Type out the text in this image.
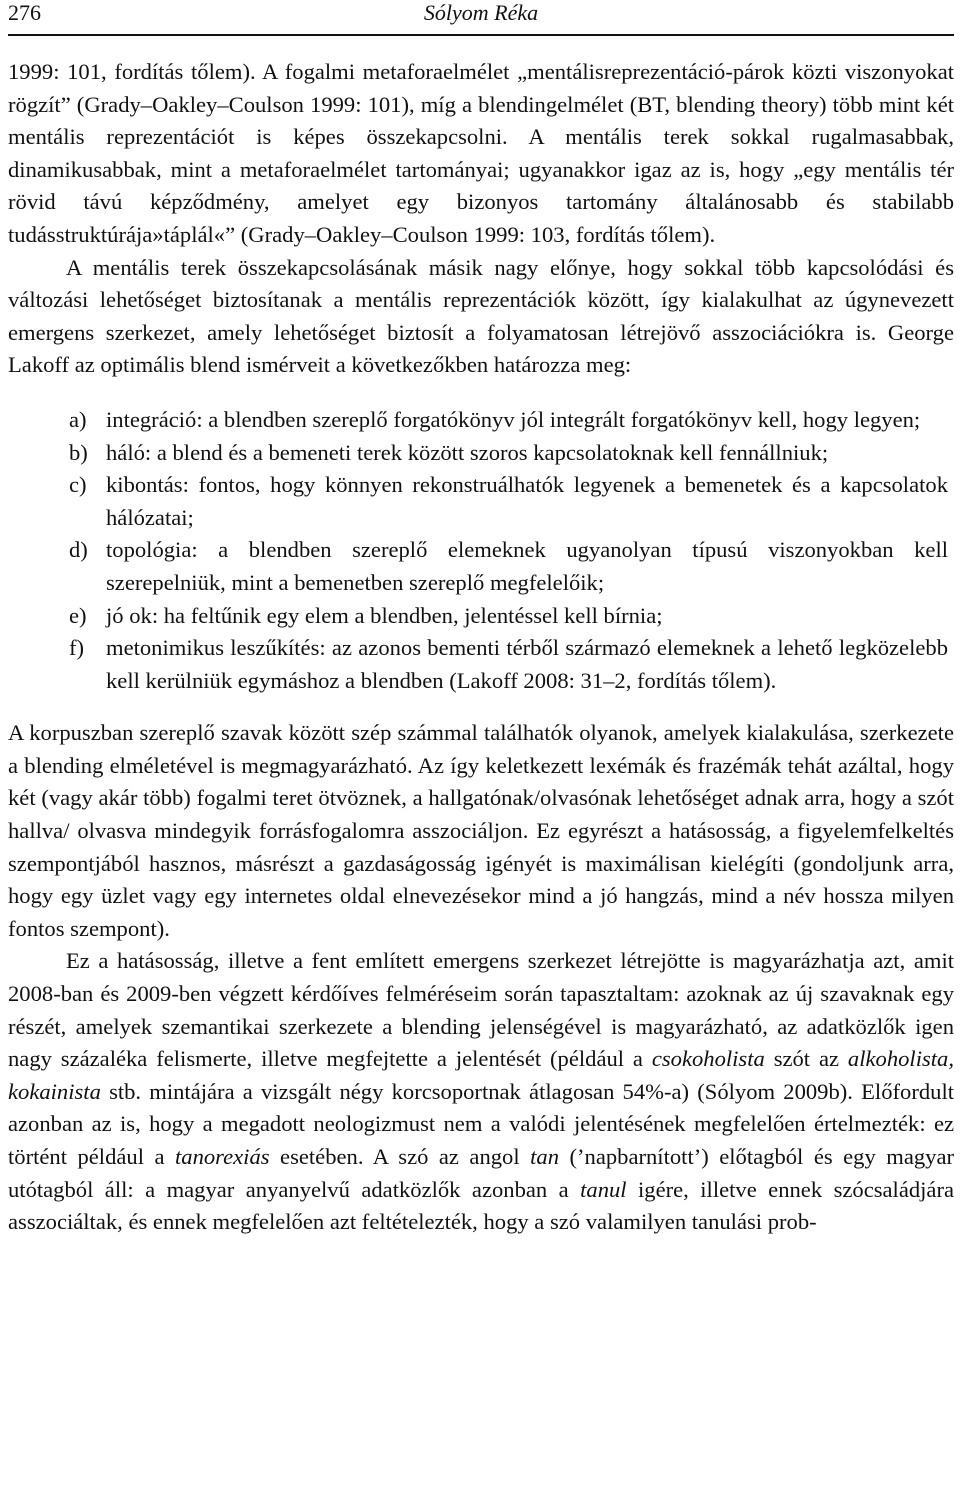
276	Sólyom Réka

1999: 101, fordítás tőlem). A fogalmi metaforaelmélet „mentálisreprezentáció-párok közti viszonyokat rögzít” (Grady–Oakley–Coulson 1999: 101), míg a blendingelmélet (BT, blending theory) több mint két mentális reprezentációt is képes összekapcsolni. A mentális terek sokkal rugalmasabbak, dinamikusabbak, mint a metaforaelmélet tartományai; ugyanakkor igaz az is, hogy „egy mentális tér rövid távú képződmény, amelyet egy bizonyos tartomány általánosabb és stabilabb tudásstruktúrája»táplál«” (Grady–Oakley–Coulson 1999: 103, fordítás tőlem).

A mentális terek összekapcsolásának másik nagy előnye, hogy sokkal több kapcsolódási és változási lehetőséget biztosítanak a mentális reprezentációk között, így kialakulhat az úgynevezett emergens szerkezet, amely lehetőséget biztosít a folyamatosan létrejövő asszociációkra is. George Lakoff az optimális blend ismérveit a következőkben határozza meg:

a) integráció: a blendben szereplő forgatókönyv jól integrált forgatókönyv kell, hogy legyen;
b) háló: a blend és a bemeneti terek között szoros kapcsolatoknak kell fennállniuk;
c) kibontás: fontos, hogy könnyen rekonstruálhatók legyenek a bemenetek és a kapcsolatok hálózatai;
d) topológia: a blendben szereplő elemeknek ugyanolyan típusú viszonyokban kell szerepelniük, mint a bemenetben szereplő megfelelőik;
e) jó ok: ha feltűnik egy elem a blendben, jelentéssel kell bírnia;
f) metonimikus leszűkítés: az azonos bementi térből származó elemeknek a lehető legközelebb kell kerülniük egymáshoz a blendben (Lakoff 2008: 31–2, fordítás tőlem).

A korpuszban szereplő szavak között szép számmal találhatók olyanok, amelyek kialakulása, szerkezete a blending elméletével is megmagyarázható. Az így keletkezett lexémák és frazémák tehát azáltal, hogy két (vagy akár több) fogalmi teret ötvöznek, a hallgatónak/olvasónak lehetőséget adnak arra, hogy a szót hallva/ olvasva mindegyik forrásfogalomra asszociáljon. Ez egyrészt a hatásosság, a figyelemfelkeltés szempontjából hasznos, másrészt a gazdaságosság igényét is maximálisan kielégíti (gondoljunk arra, hogy egy üzlet vagy egy internetes oldal elnevezésekor mind a jó hangzás, mind a név hossza milyen fontos szempont).

Ez a hatásosság, illetve a fent említett emergens szerkezet létrejötte is magyarázhatja azt, amit 2008-ban és 2009-ben végzett kérdőíves felméréseim során tapasztaltam: azoknak az új szavaknak egy részét, amelyek szemantikai szerkezete a blending jelenségével is magyarázható, az adatközlők igen nagy százaléka felismerte, illetve megfejtette a jelentését (például a csokoholista szót az alkoholista, kokainista stb. mintájára a vizsgált négy korcsoportnak átlagosan 54%-a) (Sólyom 2009b). Előfordult azonban az is, hogy a megadott neologizmust nem a valódi jelentésének megfelelően értelmezték: ez történt például a tanorexiás esetében. A szó az angol tan (’napbarnított’) előtagból és egy magyar utótagból áll: a magyar anyanyelvű adatközlők azonban a tanul igére, illetve ennek szócsaládjára asszociáltak, és ennek megfelelően azt feltételezték, hogy a szó valamilyen tanulási prob-
